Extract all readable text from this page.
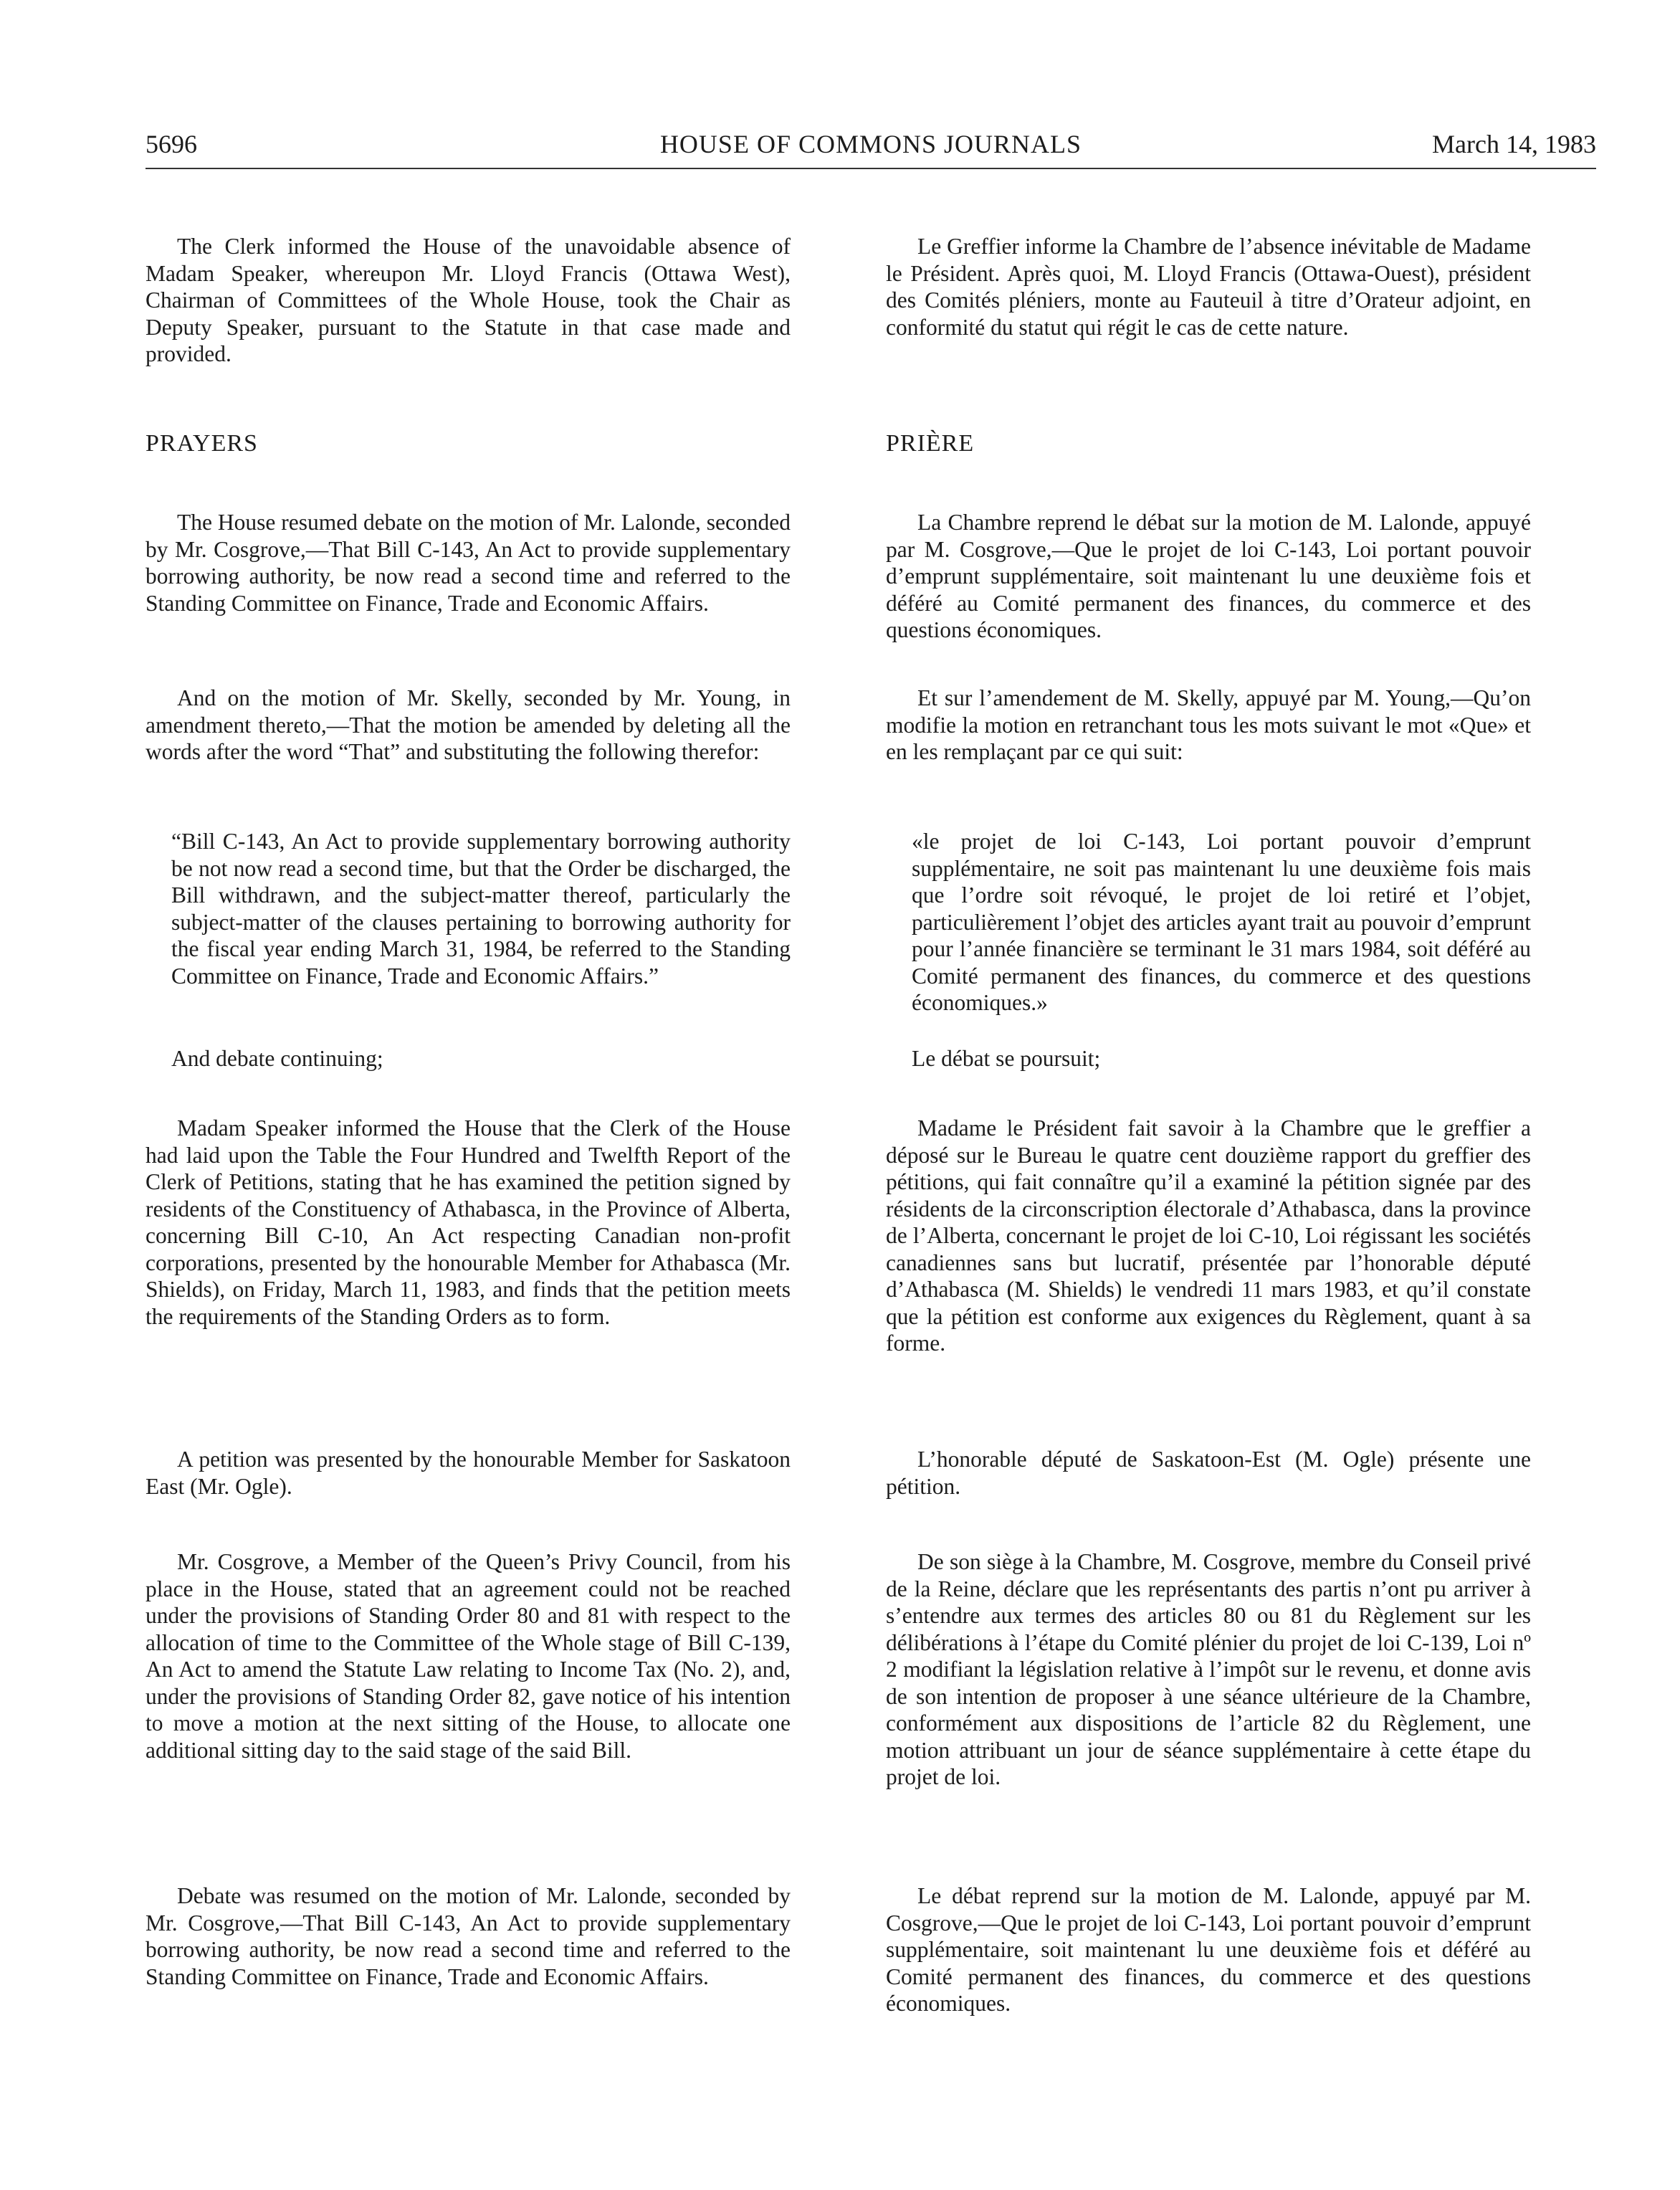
5696	HOUSE OF COMMONS JOURNALS	March 14, 1983

The Clerk informed the House of the unavoidable absence of Madam Speaker, whereupon Mr. Lloyd Francis (Ottawa West), Chairman of Committees of the Whole House, took the Chair as Deputy Speaker, pursuant to the Statute in that case made and provided.

PRAYERS

The House resumed debate on the motion of Mr. Lalonde, seconded by Mr. Cosgrove,—That Bill C-143, An Act to provide supplementary borrowing authority, be now read a second time and referred to the Standing Committee on Finance, Trade and Economic Affairs.

And on the motion of Mr. Skelly, seconded by Mr. Young, in amendment thereto,—That the motion be amended by deleting all the words after the word “That” and substituting the following therefor:

“Bill C-143, An Act to provide supplementary borrowing authority be not now read a second time, but that the Order be discharged, the Bill withdrawn, and the subject-matter thereof, particularly the subject-matter of the clauses pertaining to borrowing authority for the fiscal year ending March 31, 1984, be referred to the Standing Committee on Finance, Trade and Economic Affairs.”

And debate continuing;

Madam Speaker informed the House that the Clerk of the House had laid upon the Table the Four Hundred and Twelfth Report of the Clerk of Petitions, stating that he has examined the petition signed by residents of the Constituency of Athabasca, in the Province of Alberta, concerning Bill C-10, An Act respecting Canadian non-profit corporations, presented by the honourable Member for Athabasca (Mr. Shields), on Friday, March 11, 1983, and finds that the petition meets the requirements of the Standing Orders as to form.

A petition was presented by the honourable Member for Saskatoon East (Mr. Ogle).

Mr. Cosgrove, a Member of the Queen’s Privy Council, from his place in the House, stated that an agreement could not be reached under the provisions of Standing Order 80 and 81 with respect to the allocation of time to the Committee of the Whole stage of Bill C-139, An Act to amend the Statute Law relating to Income Tax (No. 2), and, under the provisions of Standing Order 82, gave notice of his intention to move a motion at the next sitting of the House, to allocate one additional sitting day to the said stage of the said Bill.

Debate was resumed on the motion of Mr. Lalonde, seconded by Mr. Cosgrove,—That Bill C-143, An Act to provide supplementary borrowing authority, be now read a second time and referred to the Standing Committee on Finance, Trade and Economic Affairs.

Le Greffier informe la Chambre de l’absence inévitable de Madame le Président. Après quoi, M. Lloyd Francis (Ottawa-Ouest), président des Comités pléniers, monte au Fauteuil à titre d’Orateur adjoint, en conformité du statut qui régit le cas de cette nature.

PRIÈRE

La Chambre reprend le débat sur la motion de M. Lalonde, appuyé par M. Cosgrove,—Que le projet de loi C-143, Loi portant pouvoir d’emprunt supplémentaire, soit maintenant lu une deuxième fois et déféré au Comité permanent des finances, du commerce et des questions économiques.

Et sur l’amendement de M. Skelly, appuyé par M. Young,—Qu’on modifie la motion en retranchant tous les mots suivant le mot «Que» et en les remplaçant par ce qui suit:

«le projet de loi C-143, Loi portant pouvoir d’emprunt supplémentaire, ne soit pas maintenant lu une deuxième fois mais que l’ordre soit révoqué, le projet de loi retiré et l’objet, particulièrement l’objet des articles ayant trait au pouvoir d’emprunt pour l’année financière se terminant le 31 mars 1984, soit déféré au Comité permanent des finances, du commerce et des questions économiques.»

Le débat se poursuit;

Madame le Président fait savoir à la Chambre que le greffier a déposé sur le Bureau le quatre cent douzième rapport du greffier des pétitions, qui fait connaître qu’il a examiné la pétition signée par des résidents de la circonscription électorale d’Athabasca, dans la province de l’Alberta, concernant le projet de loi C-10, Loi régissant les sociétés canadiennes sans but lucratif, présentée par l’honorable député d’Athabasca (M. Shields) le vendredi 11 mars 1983, et qu’il constate que la pétition est conforme aux exigences du Règlement, quant à sa forme.

L’honorable député de Saskatoon-Est (M. Ogle) présente une pétition.

De son siège à la Chambre, M. Cosgrove, membre du Conseil privé de la Reine, déclare que les représentants des partis n’ont pu arriver à s’entendre aux termes des articles 80 ou 81 du Règlement sur les délibérations à l’étape du Comité plénier du projet de loi C-139, Loi nº 2 modifiant la législation relative à l’impôt sur le revenu, et donne avis de son intention de proposer à une séance ultérieure de la Chambre, conformément aux dispositions de l’article 82 du Règlement, une motion attribuant un jour de séance supplémentaire à cette étape du projet de loi.

Le débat reprend sur la motion de M. Lalonde, appuyé par M. Cosgrove,—Que le projet de loi C-143, Loi portant pouvoir d’emprunt supplémentaire, soit maintenant lu une deuxième fois et déféré au Comité permanent des finances, du commerce et des questions économiques.
